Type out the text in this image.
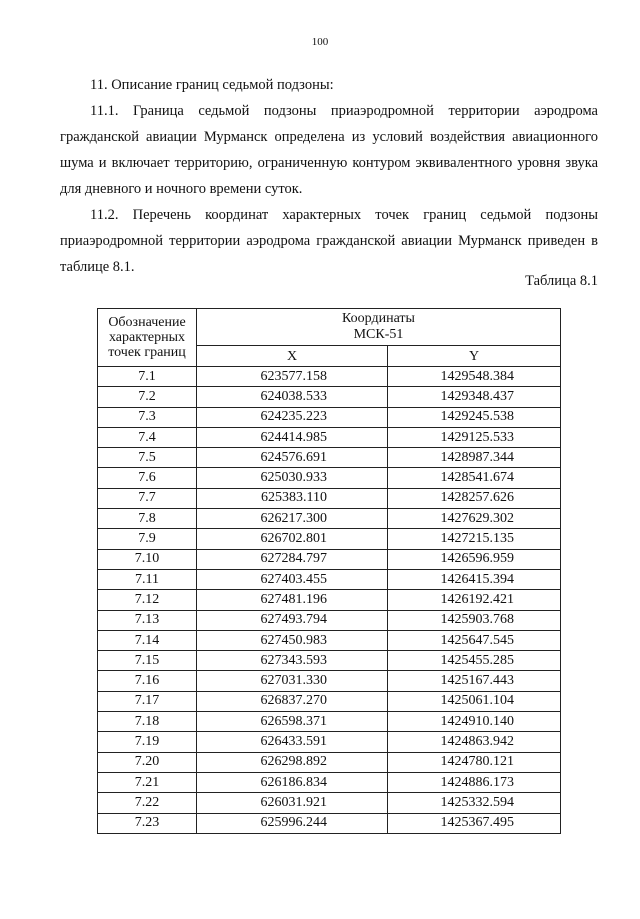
100
11. Описание границ седьмой подзоны:
11.1. Граница седьмой подзоны приаэродромной территории аэродрома гражданской авиации Мурманск определена из условий воздействия авиационного шума и включает территорию, ограниченную контуром эквивалентного уровня звука для дневного и ночного времени суток.
11.2. Перечень координат характерных точек границ седьмой подзоны приаэродромной территории аэродрома гражданской авиации Мурманск приведен в таблице 8.1.
Таблица 8.1
Обозначение характерных точек границ	Координаты
МСК-51	

	X	Y
7.1	623577.158	1429548.384
7.2	624038.533	1429348.437
7.3	624235.223	1429245.538
7.4	624414.985	1429125.533
7.5	624576.691	1428987.344
7.6	625030.933	1428541.674
7.7	625383.110	1428257.626
7.8	626217.300	1427629.302
7.9	626702.801	1427215.135
7.10	627284.797	1426596.959
7.11	627403.455	1426415.394
7.12	627481.196	1426192.421
7.13	627493.794	1425903.768
7.14	627450.983	1425647.545
7.15	627343.593	1425455.285
7.16	627031.330	1425167.443
7.17	626837.270	1425061.104
7.18	626598.371	1424910.140
7.19	626433.591	1424863.942
7.20	626298.892	1424780.121
7.21	626186.834	1424886.173
7.22	626031.921	1425332.594
7.23	625996.244	1425367.495
